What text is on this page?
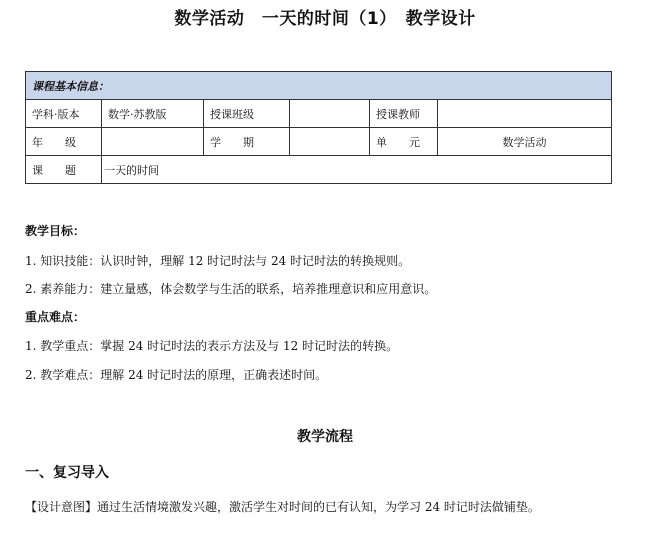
数学活动　一天的时间（1）　教学设计
课程基本信息：					
学科·版本	数学·苏教版	授课班级		授课教师	
年　　级		学　　期		单　　元	数学活动
课　　题	一天的时间				
教学目标：
1. 知识技能：认识时钟，理解 12 时记时法与 24 时记时法的转换规则。
2. 素养能力：建立量感，体会数学与生活的联系，培养推理意识和应用意识。
重点难点：
1. 教学重点：掌握 24 时记时法的表示方法及与 12 时记时法的转换。
2. 教学难点：理解 24 时记时法的原理，正确表述时间。
教学流程
一、复习导入
【设计意图】通过生活情境激发兴趣，激活学生对时间的已有认知，为学习 24 时记时法做铺垫。
